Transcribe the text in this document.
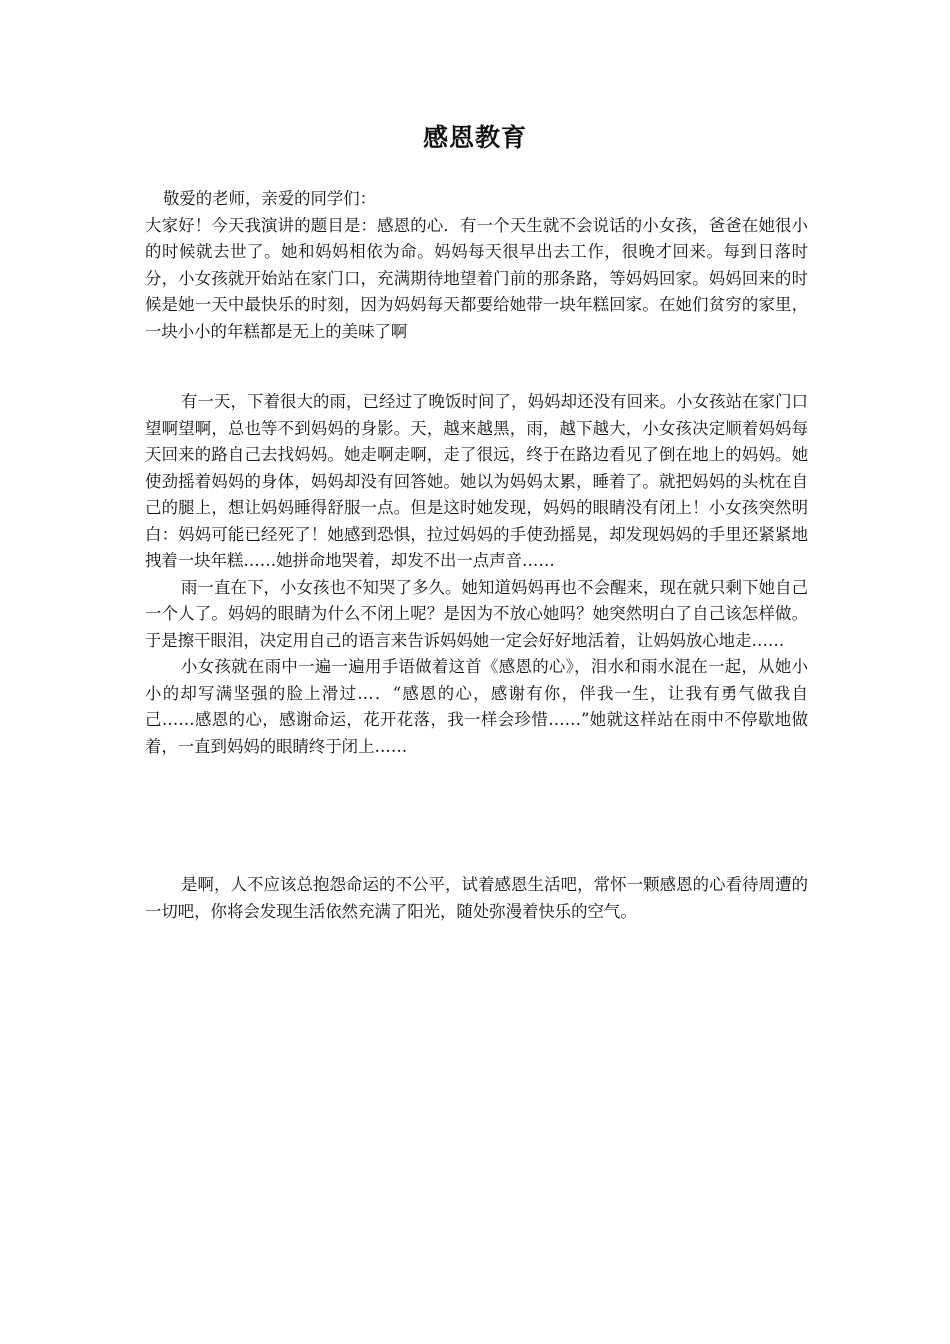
感恩教育

敬爱的老师，亲爱的同学们：

大家好！今天我演讲的题目是：感恩的心．有一个天生就不会说话的小女孩，爸爸在她很小的时候就去世了。她和妈妈相依为命。妈妈每天很早出去工作，很晚才回来。每到日落时分，小女孩就开始站在家门口，充满期待地望着门前的那条路，等妈妈回家。妈妈回来的时候是她一天中最快乐的时刻，因为妈妈每天都要给她带一块年糕回家。在她们贫穷的家里，一块小小的年糕都是无上的美味了啊

有一天，下着很大的雨，已经过了晚饭时间了，妈妈却还没有回来。小女孩站在家门口望啊望啊，总也等不到妈妈的身影。天，越来越黑，雨，越下越大，小女孩决定顺着妈妈每天回来的路自己去找妈妈。她走啊走啊，走了很远，终于在路边看见了倒在地上的妈妈。她使劲摇着妈妈的身体，妈妈却没有回答她。她以为妈妈太累，睡着了。就把妈妈的头枕在自己的腿上，想让妈妈睡得舒服一点。但是这时她发现，妈妈的眼睛没有闭上！小女孩突然明白：妈妈可能已经死了！她感到恐惧，拉过妈妈的手使劲摇晃，却发现妈妈的手里还紧紧地拽着一块年糕……她拼命地哭着，却发不出一点声音……

雨一直在下，小女孩也不知哭了多久。她知道妈妈再也不会醒来，现在就只剩下她自己一个人了。妈妈的眼睛为什么不闭上呢？是因为不放心她吗？她突然明白了自己该怎样做。于是擦干眼泪，决定用自己的语言来告诉妈妈她一定会好好地活着，让妈妈放心地走……

小女孩就在雨中一遍一遍用手语做着这首《感恩的心》，泪水和雨水混在一起，从她小小的却写满坚强的脸上滑过…．“感恩的心，感谢有你，伴我一生，让我有勇气做我自己……感恩的心，感谢命运，花开花落，我一样会珍惜……”她就这样站在雨中不停歇地做着，一直到妈妈的眼睛终于闭上……

是啊，人不应该总抱怨命运的不公平，试着感恩生活吧，常怀一颗感恩的心看待周遭的一切吧，你将会发现生活依然充满了阳光，随处弥漫着快乐的空气。
